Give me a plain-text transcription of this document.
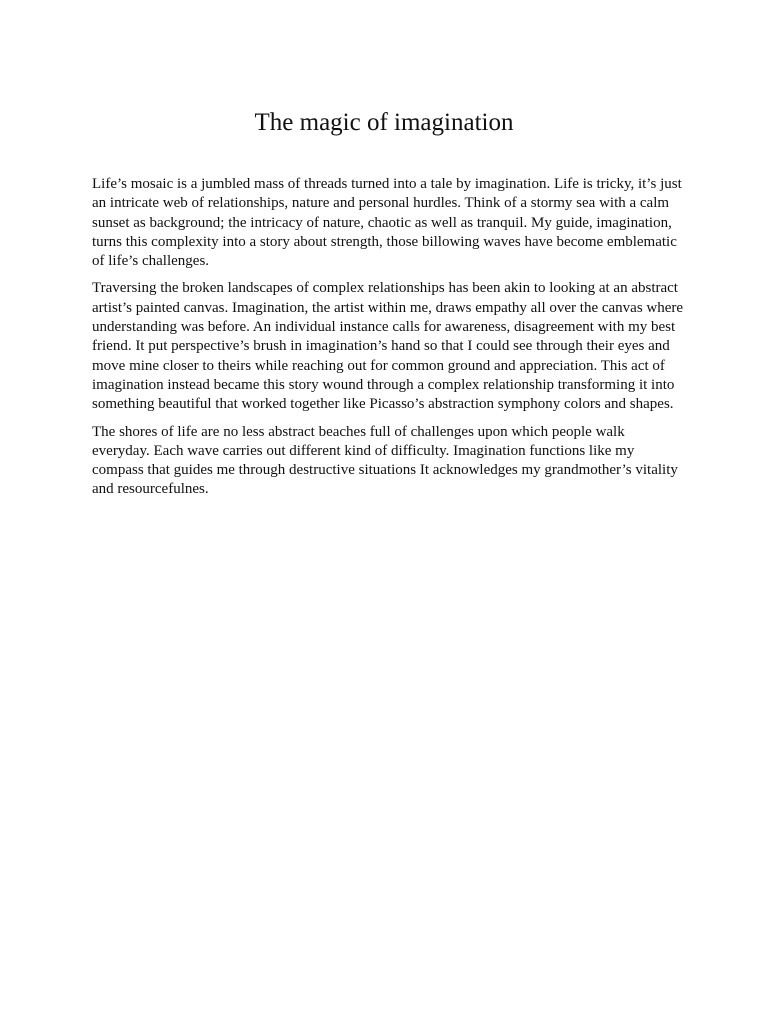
The magic of imagination

Life’s mosaic is a jumbled mass of threads turned into a tale by imagination. Life is tricky, it’s just an intricate web of relationships, nature and personal hurdles. Think of a stormy sea with a calm sunset as background; the intricacy of nature, chaotic as well as tranquil. My guide, imagination, turns this complexity into a story about strength, those billowing waves have become emblematic of life’s challenges.

Traversing the broken landscapes of complex relationships has been akin to looking at an abstract artist’s painted canvas. Imagination, the artist within me, draws empathy all over the canvas where understanding was before. An individual instance calls for awareness, disagreement with my best friend. It put perspective’s brush in imagination’s hand so that I could see through their eyes and move mine closer to theirs while reaching out for common ground and appreciation. This act of imagination instead became this story wound through a complex relationship transforming it into something beautiful that worked together like Picasso’s abstraction symphony colors and shapes.

The shores of life are no less abstract beaches full of challenges upon which people walk everyday. Each wave carries out different kind of difficulty. Imagination functions like my compass that guides me through destructive situations It acknowledges my grandmother’s vitality and resourcefulnes.
